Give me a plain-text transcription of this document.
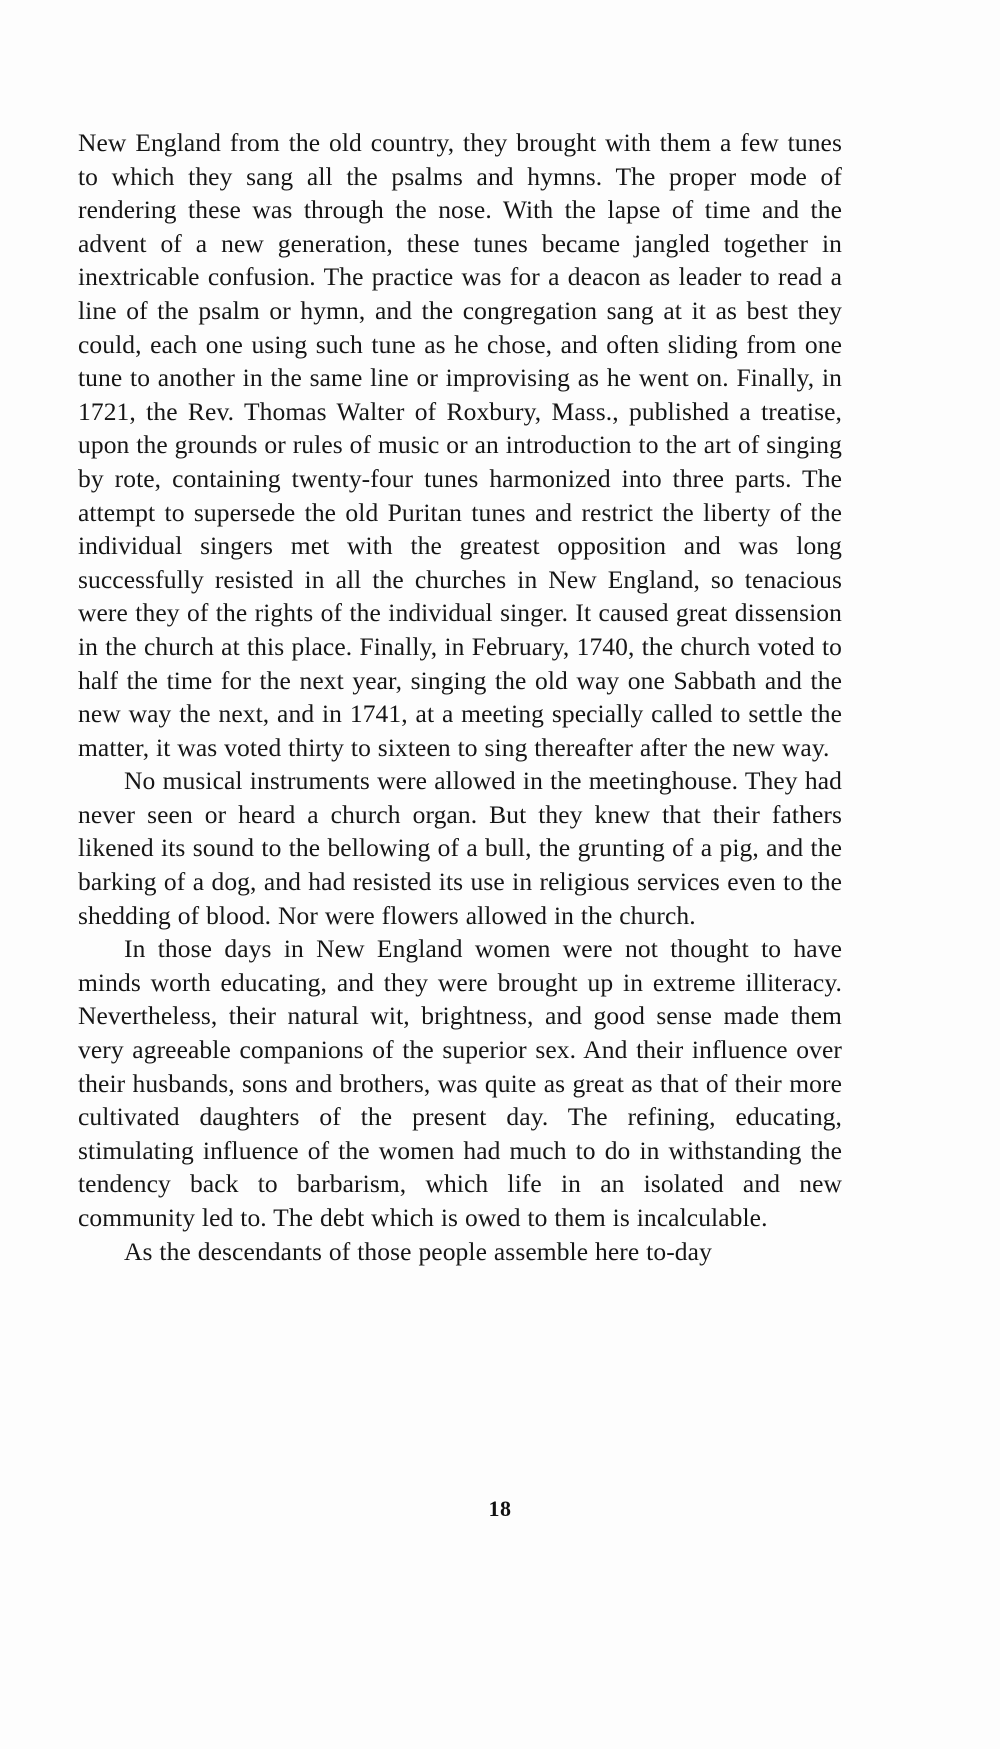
New England from the old country, they brought with them a few tunes to which they sang all the psalms and hymns. The proper mode of rendering these was through the nose. With the lapse of time and the advent of a new generation, these tunes became jangled together in inextricable confusion. The practice was for a deacon as leader to read a line of the psalm or hymn, and the congregation sang at it as best they could, each one using such tune as he chose, and often sliding from one tune to another in the same line or improvising as he went on. Finally, in 1721, the Rev. Thomas Walter of Roxbury, Mass., published a treatise, upon the grounds or rules of music or an introduction to the art of singing by rote, containing twenty-four tunes harmonized into three parts. The attempt to supersede the old Puritan tunes and restrict the liberty of the individual singers met with the greatest opposition and was long successfully resisted in all the churches in New England, so tenacious were they of the rights of the individual singer. It caused great dissension in the church at this place. Finally, in February, 1740, the church voted to half the time for the next year, singing the old way one Sabbath and the new way the next, and in 1741, at a meeting specially called to settle the matter, it was voted thirty to sixteen to sing thereafter after the new way.

No musical instruments were allowed in the meetinghouse. They had never seen or heard a church organ. But they knew that their fathers likened its sound to the bellowing of a bull, the grunting of a pig, and the barking of a dog, and had resisted its use in religious services even to the shedding of blood. Nor were flowers allowed in the church.

In those days in New England women were not thought to have minds worth educating, and they were brought up in extreme illiteracy. Nevertheless, their natural wit, brightness, and good sense made them very agreeable companions of the superior sex. And their influence over their husbands, sons and brothers, was quite as great as that of their more cultivated daughters of the present day. The refining, educating, stimulating influence of the women had much to do in withstanding the tendency back to barbarism, which life in an isolated and new community led to. The debt which is owed to them is incalculable.

As the descendants of those people assemble here to-day

18
